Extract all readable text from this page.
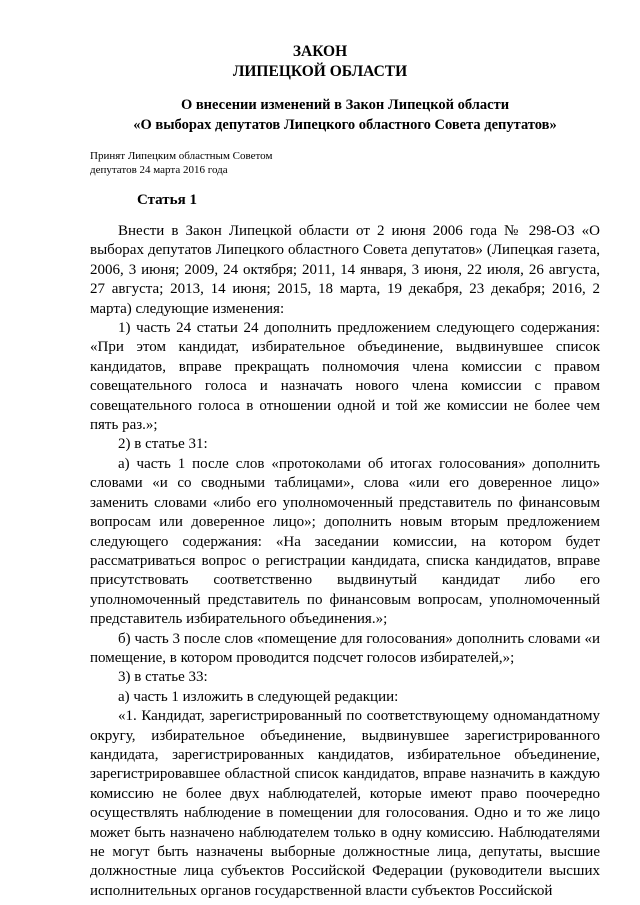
ЗАКОН
ЛИПЕЦКОЙ ОБЛАСТИ
О внесении изменений в Закон Липецкой области
«О выборах депутатов Липецкого областного Совета депутатов»
Принят Липецким областным Советом
депутатов 24 марта 2016 года
Статья 1

Внести в Закон Липецкой области от 2 июня 2006 года № 298-ОЗ «О выборах депутатов Липецкого областного Совета депутатов» (Липецкая газета, 2006, 3 июня; 2009, 24 октября; 2011, 14 января, 3 июня, 22 июля, 26 августа, 27 августа; 2013, 14 июня; 2015, 18 марта, 19 декабря, 23 декабря; 2016, 2 марта) следующие изменения:

1) часть 24 статьи 24 дополнить предложением следующего содержания: «При этом кандидат, избирательное объединение, выдвинувшее список кандидатов, вправе прекращать полномочия члена комиссии с правом совещательного голоса и назначать нового члена комиссии с правом совещательного голоса в отношении одной и той же комиссии не более чем пять раз.»;

2) в статье 31:

а) часть 1 после слов «протоколами об итогах голосования» дополнить словами «и со сводными таблицами», слова «или его доверенное лицо» заменить словами «либо его уполномоченный представитель по финансовым вопросам или доверенное лицо»; дополнить новым вторым предложением следующего содержания: «На заседании комиссии, на котором будет рассматриваться вопрос о регистрации кандидата, списка кандидатов, вправе присутствовать соответственно выдвинутый кандидат либо его уполномоченный представитель по финансовым вопросам, уполномоченный представитель избирательного объединения.»;

б) часть 3 после слов «помещение для голосования» дополнить словами «и помещение, в котором проводится подсчет голосов избирателей,»;

3) в статье 33:

а) часть 1 изложить в следующей редакции:

«1. Кандидат, зарегистрированный по соответствующему одномандатному округу, избирательное объединение, выдвинувшее зарегистрированного кандидата, зарегистрированных кандидатов, избирательное объединение, зарегистрировавшее областной список кандидатов, вправе назначить в каждую комиссию не более двух наблюдателей, которые имеют право поочередно осуществлять наблюдение в помещении для голосования. Одно и то же лицо может быть назначено наблюдателем только в одну комиссию. Наблюдателями не могут быть назначены выборные должностные лица, депутаты, высшие должностные лица субъектов Российской Федерации (руководители высших исполнительных органов государственной власти субъектов Российской
